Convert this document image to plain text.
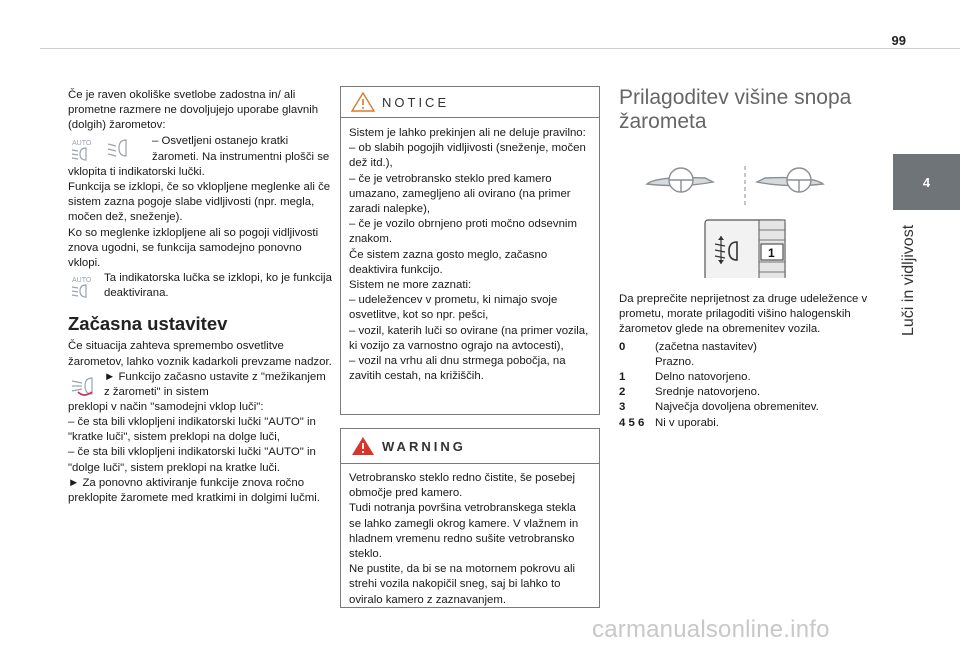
99
4
Luči in vidljivost

Če je raven okoliške svetlobe zadostna in/ ali prometne razmere ne dovoljujejo uporabe glavnih (dolgih) žarometov:

AUTO	– Osvetljeni ostanejo kratki

žarometi. Na instrumentni plošči se vklopita ti indikatorski lučki.

Funkcija se izklopi, če so vklopljene meglenke ali če sistem zazna pogoje slabe vidljivosti (npr. megla, močen dež, sneženje).

Ko so meglenke izklopljene ali so pogoji vidljivosti znova ugodni, se funkcija samodejno ponovno vklopi.

AUTO Ta indikatorska lučka se izklopi, ko je funkcija deaktivirana.

Začasna ustavitev

Če situacija zahteva spremembo osvetlitve žarometov, lahko voznik kadarkoli prevzame nadzor.

► Funkcijo začasno ustavite z "mežikanjem z žarometi" in sistem

preklopi v način "samodejni vklop luči":

– če sta bili vklopljeni indikatorski lučki "AUTO" in "kratke luči", sistem preklopi na dolge luči,

– če sta bili vklopljeni indikatorski lučki "AUTO" in "dolge luči", sistem preklopi na kratke luči.

► Za ponovno aktiviranje funkcije znova ročno preklopite žaromete med kratkimi in dolgimi lučmi.

NOTICE

Sistem je lahko prekinjen ali ne deluje pravilno:

– ob slabih pogojih vidljivosti (sneženje, močen dež itd.),

– če je vetrobransko steklo pred kamero umazano, zamegljeno ali ovirano (na primer zaradi nalepke),

– če je vozilo obrnjeno proti močno odsevnim znakom.

Če sistem zazna gosto meglo, začasno deaktivira funkcijo.

Sistem ne more zaznati:

– udeležencev v prometu, ki nimajo svoje osvetlitve, kot so npr. pešci,

– vozil, katerih luči so ovirane (na primer vozila, ki vozijo za varnostno ograjo na avtocesti),

– vozil na vrhu ali dnu strmega pobočja, na zavitih cestah, na križiščih.

WARNING

Vetrobransko steklo redno čistite, še posebej območje pred kamero.

Tudi notranja površina vetrobranskega stekla se lahko zamegli okrog kamere. V vlažnem in hladnem vremenu redno sušite vetrobransko steklo.

Ne pustite, da bi se na motornem pokrovu ali strehi vozila nakopičil sneg, saj bi lahko to oviralo kamero z zaznavanjem.

Prilagoditev višine snopa žarometa

1

Da preprečite neprijetnost za druge udeležence v prometu, morate prilagoditi višino halogenskih žarometov glede na obremenitev vozila.

0	(začetna nastavitev)
Prazno.

1	Delno natovorjeno.

2	Srednje natovorjeno.

3	Največja dovoljena obremenitev.

4 5 6	Ni v uporabi.
carmanualsonline.info
